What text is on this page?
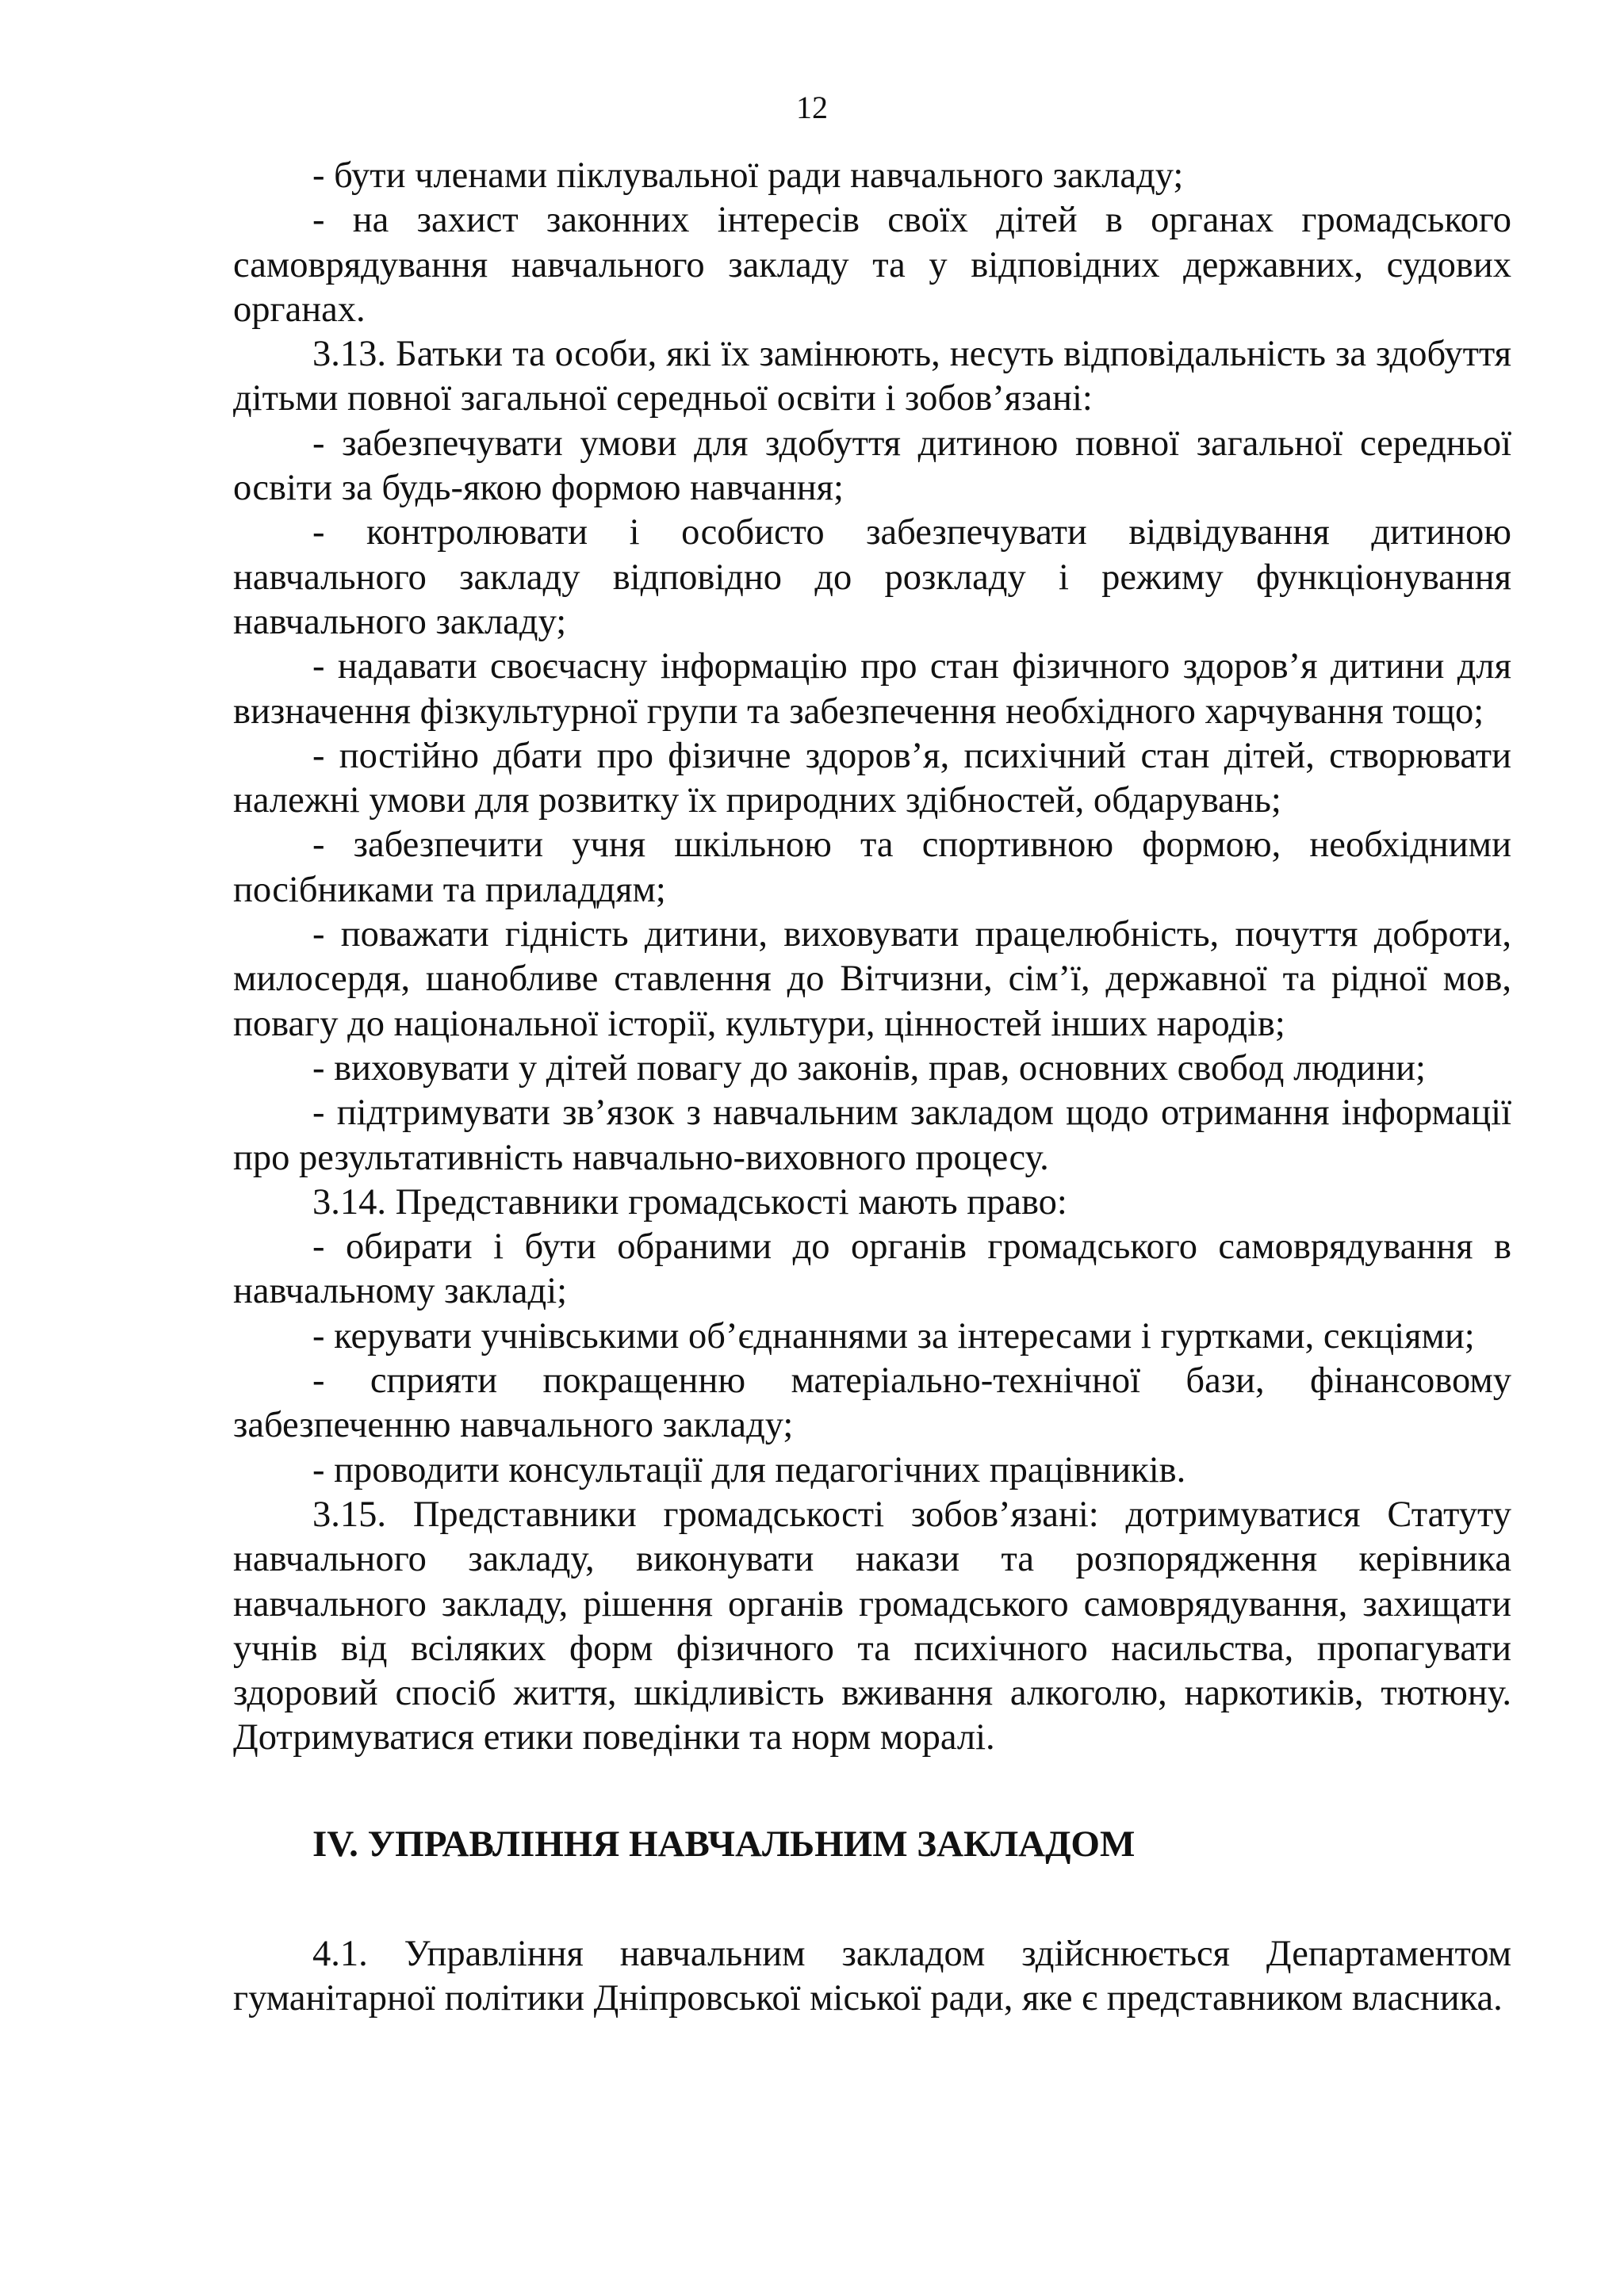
12

- бути членами піклувальної ради навчального закладу;

- на захист законних інтересів своїх дітей в органах громадського самоврядування навчального закладу та у відповідних державних, судових органах.

3.13. Батьки та особи, які їх замінюють, несуть відповідальність за здобуття дітьми повної загальної середньої освіти і зобов’язані:

- забезпечувати умови для здобуття дитиною повної загальної середньої освіти за будь-якою формою навчання;

- контролювати і особисто забезпечувати відвідування дитиною навчального закладу відповідно до розкладу і режиму функціонування навчального закладу;

- надавати своєчасну інформацію про стан фізичного здоров’я дитини для визначення фізкультурної групи та забезпечення необхідного харчування тощо;

- постійно дбати про фізичне здоров’я, психічний стан дітей, створювати належні умови для розвитку їх природних здібностей, обдарувань;

- забезпечити учня шкільною та спортивною формою, необхідними посібниками та приладдям;

- поважати гідність дитини, виховувати працелюбність, почуття доброти, милосердя, шанобливе ставлення до Вітчизни, сім’ї, державної та рідної мов, повагу до національної історії, культури, цінностей інших народів;

- виховувати у дітей повагу до законів, прав, основних свобод людини;

- підтримувати зв’язок з навчальним закладом щодо отримання інформації про результативність навчально-виховного процесу.

3.14. Представники громадськості мають право:

- обирати і бути обраними до органів громадського самоврядування в навчальному закладі;

- керувати учнівськими об’єднаннями за інтересами і гуртками, секціями;

- сприяти покращенню матеріально-технічної бази, фінансовому забезпеченню навчального закладу;

- проводити консультації для педагогічних працівників.

3.15. Представники громадськості зобов’язані: дотримуватися Статуту навчального закладу, виконувати накази та розпорядження керівника навчального закладу, рішення органів громадського самоврядування, захищати учнів від всіляких форм фізичного та психічного насильства, пропагувати здоровий спосіб життя, шкідливість вживання алкоголю, наркотиків, тютюну. Дотримуватися етики поведінки та норм моралі.

IV. УПРАВЛІННЯ НАВЧАЛЬНИМ ЗАКЛАДОМ

4.1. Управління навчальним закладом здійснюється Департаментом гуманітарної політики Дніпровської міської ради, яке є представником власника.
